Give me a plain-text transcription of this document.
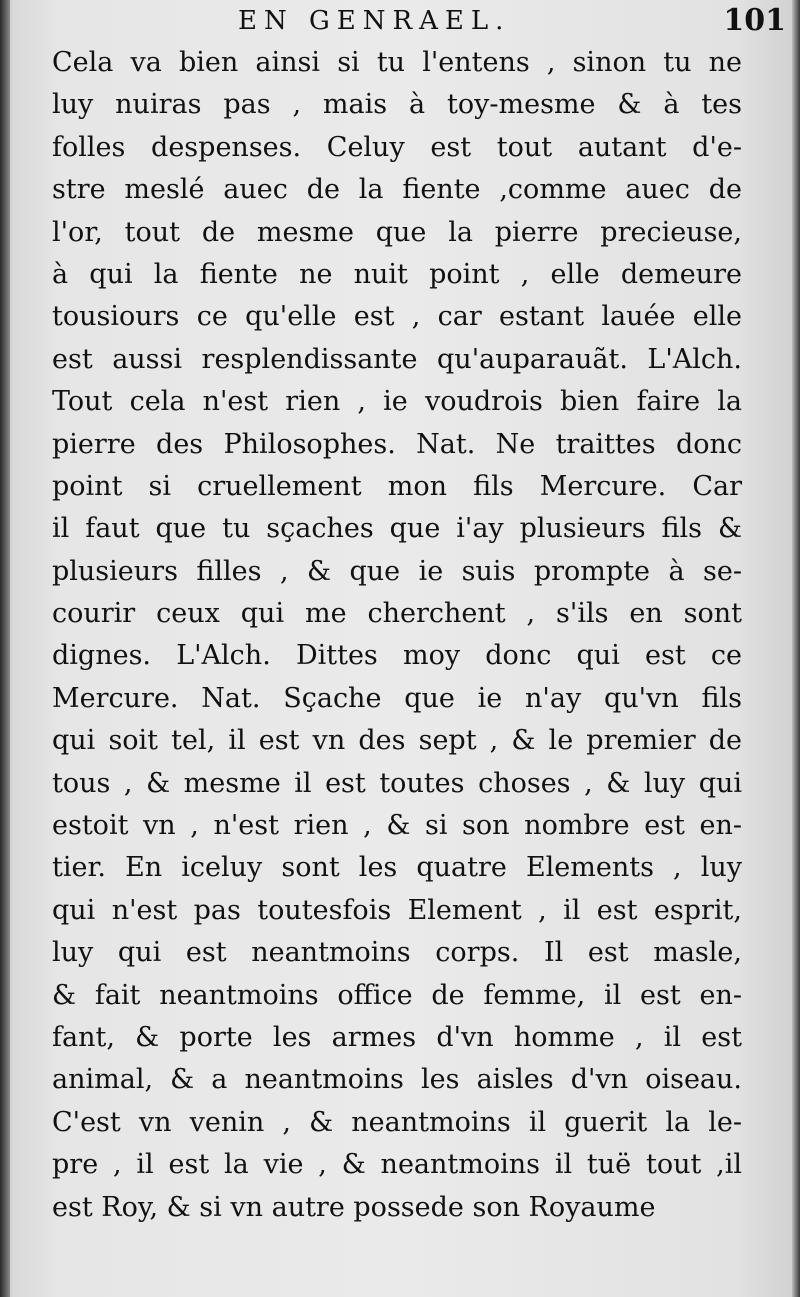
EN GENRAEL.	101
Cela va bien ainsi si tu l'entens , sinon tu ne
luy nuiras pas , mais à toy-mesme & à tes
folles despenses. Celuy est tout autant d'e-
stre meslé auec de la fiente ,comme auec de
l'or, tout de mesme que la pierre precieuse,
à qui la fiente ne nuit point , elle demeure
tousiours ce qu'elle est , car estant lauée elle
est aussi resplendissante qu'auparauãt. L'Alch.
Tout cela n'est rien , ie voudrois bien faire la
pierre des Philosophes. Nat. Ne traittes donc
point si cruellement mon fils Mercure. Car
il faut que tu sçaches que i'ay plusieurs fils &
plusieurs filles , & que ie suis prompte à se-
courir ceux qui me cherchent , s'ils en sont
dignes. L'Alch. Dittes moy donc qui est ce
Mercure. Nat. Sçache que ie n'ay qu'vn fils
qui soit tel, il est vn des sept , & le premier de
tous , & mesme il est toutes choses , & luy qui
estoit vn , n'est rien , & si son nombre est en-
tier. En iceluy sont les quatre Elements , luy
qui n'est pas toutesfois Element , il est esprit,
luy qui est neantmoins corps. Il est masle,
& fait neantmoins office de femme, il est en-
fant, & porte les armes d'vn homme , il est
animal, & a neantmoins les aisles d'vn oiseau.
C'est vn venin , & neantmoins il guerit la le-
pre , il est la vie , & neantmoins il tuë tout ,il
est Roy, & si vn autre possede son Royaume
